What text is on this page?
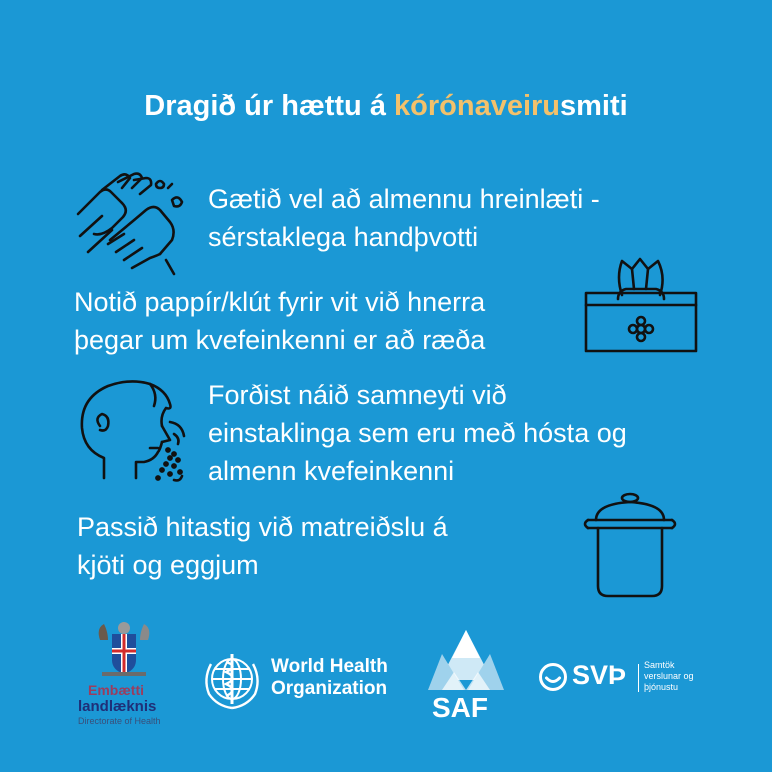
Dragið úr hættu á kórónaveirusmiti
Gætið vel að almennu hreinlæti -
sérstaklega handþvotti
Notið pappír/klút fyrir vit við hnerra
þegar um kvefeinkenni er að ræða
Forðist náið samneyti við
einstaklinga sem eru með hósta og
almenn kvefeinkenni
Passið hitastig við matreiðslu á
kjöti og eggjum
Embætti
landlæknis
Directorate of Health
World Health
Organization
SAF
SVÞ Samtök
verslunar og
þjónustu
